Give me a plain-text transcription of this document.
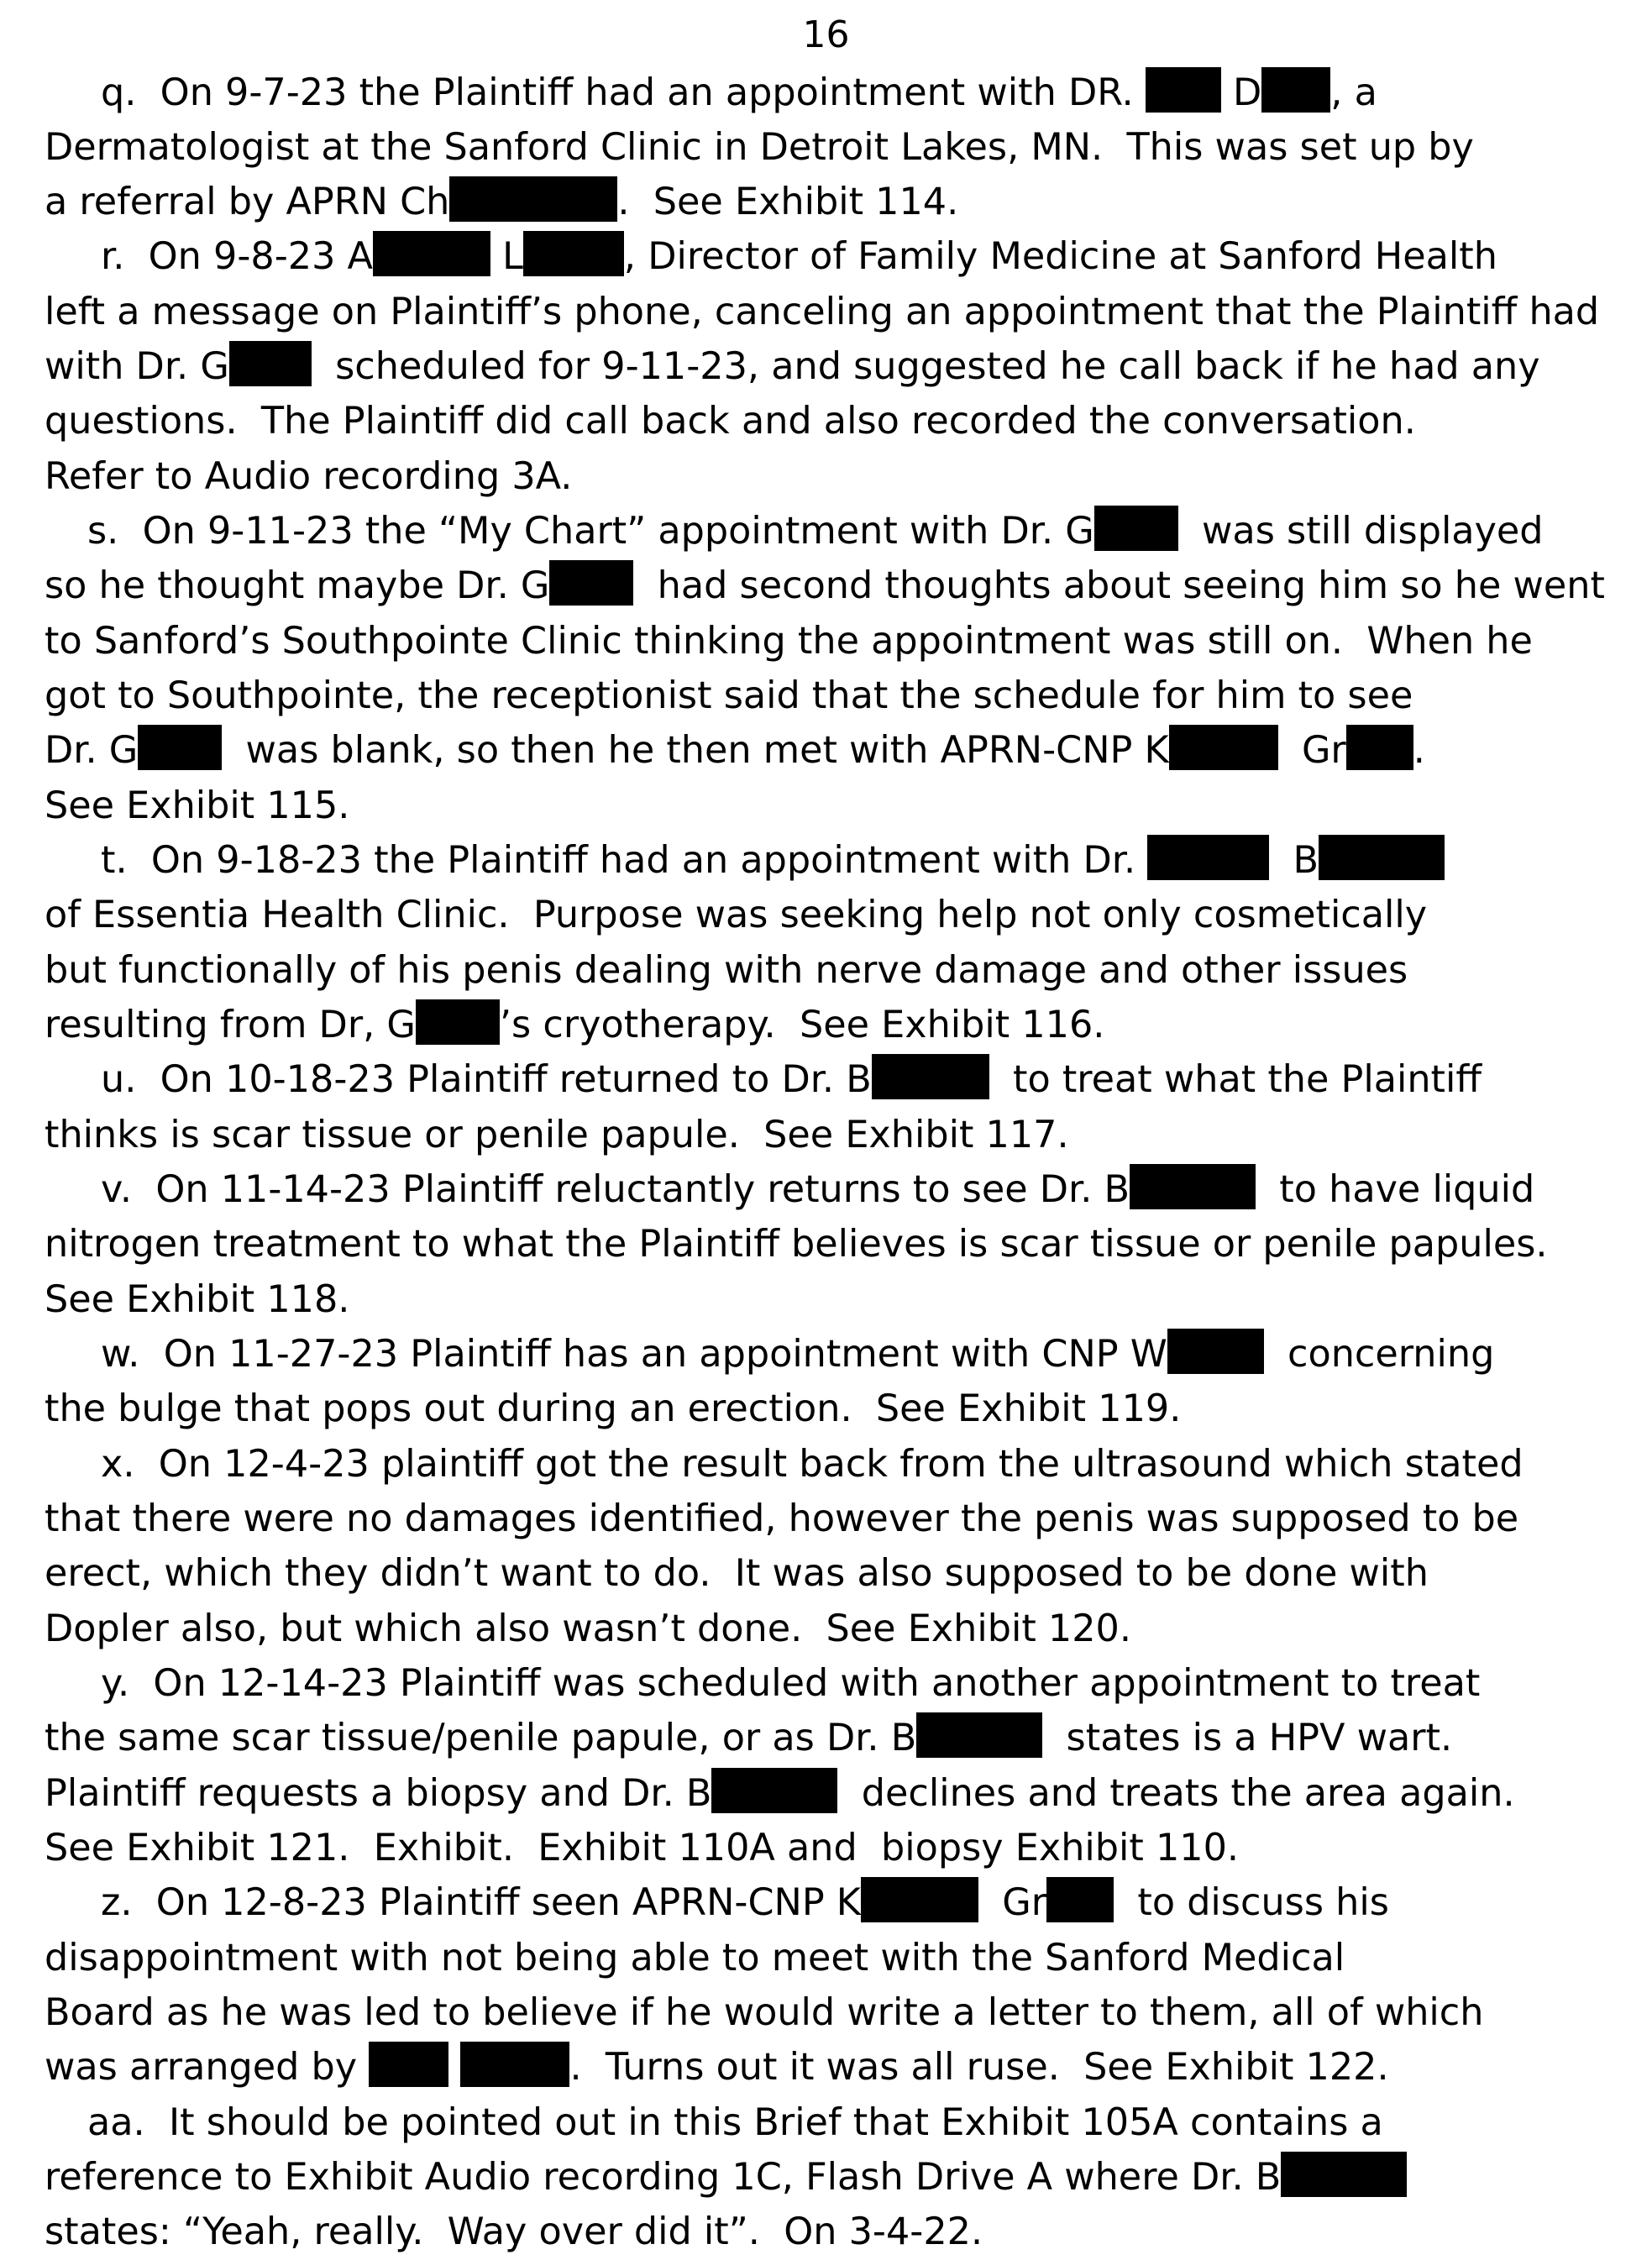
16
q.  On 9-7-23 the Plaintiff had an appointment with DR.  D , a
Dermatologist at the Sanford Clinic in Detroit Lakes, MN.  This was set up by
a referral by APRN Ch	.  See Exhibit 114.
r.  On 9-8-23 A	L	, Director of Family Medicine at Sanford Health
left a message on Plaintiff’s phone, canceling an appointment that the Plaintiff had
with Dr. G  scheduled for 9-11-23, and suggested he call back if he had any
questions.  The Plaintiff did call back and also recorded the conversation.
Refer to Audio recording 3A.
s.  On 9-11-23 the “My Chart” appointment with Dr. G  was still displayed
so he thought maybe Dr. G  had second thoughts about seeing him so he went
to Sanford’s Southpointe Clinic thinking the appointment was still on.  When he
got to Southpointe, the receptionist said that the schedule for him to see
Dr. G  was blank, so then he then met with APRN-CNP K	Gr .
See Exhibit 115.
t.  On 9-18-23 the Plaintiff had an appointment with Dr.	B
of Essentia Health Clinic.  Purpose was seeking help not only cosmetically
but functionally of his penis dealing with nerve damage and other issues
resulting from Dr, G ’s cryotherapy.  See Exhibit 116.
u.  On 10-18-23 Plaintiff returned to Dr. B	to treat what the Plaintiff
thinks is scar tissue or penile papule.  See Exhibit 117.
v.  On 11-14-23 Plaintiff reluctantly returns to see Dr. B	to have liquid
nitrogen treatment to what the Plaintiff believes is scar tissue or penile papules.
See Exhibit 118.
w.  On 11-27-23 Plaintiff has an appointment with CNP W	concerning
the bulge that pops out during an erection.  See Exhibit 119.
x.  On 12-4-23 plaintiff got the result back from the ultrasound which stated
that there were no damages identified, however the penis was supposed to be
erect, which they didn’t want to do.  It was also supposed to be done with
Dopler also, but which also wasn’t done.  See Exhibit 120.
y.  On 12-14-23 Plaintiff was scheduled with another appointment to treat
the same scar tissue/penile papule, or as Dr. B	states is a HPV wart.
Plaintiff requests a biopsy and Dr. B	declines and treats the area again.
See Exhibit 121.  Exhibit.  Exhibit 110A and  biopsy Exhibit 110.
z.  On 12-8-23 Plaintiff seen APRN-CNP K	Gr  to discuss his
disappointment with not being able to meet with the Sanford Medical
Board as he was led to believe if he would write a letter to them, all of which
was arranged by	.  Turns out it was all ruse.  See Exhibit 122.
aa.  It should be pointed out in this Brief that Exhibit 105A contains a
reference to Exhibit Audio recording 1C, Flash Drive A where Dr. B
states: “Yeah, really.  Way over did it”.  On 3-4-22.
